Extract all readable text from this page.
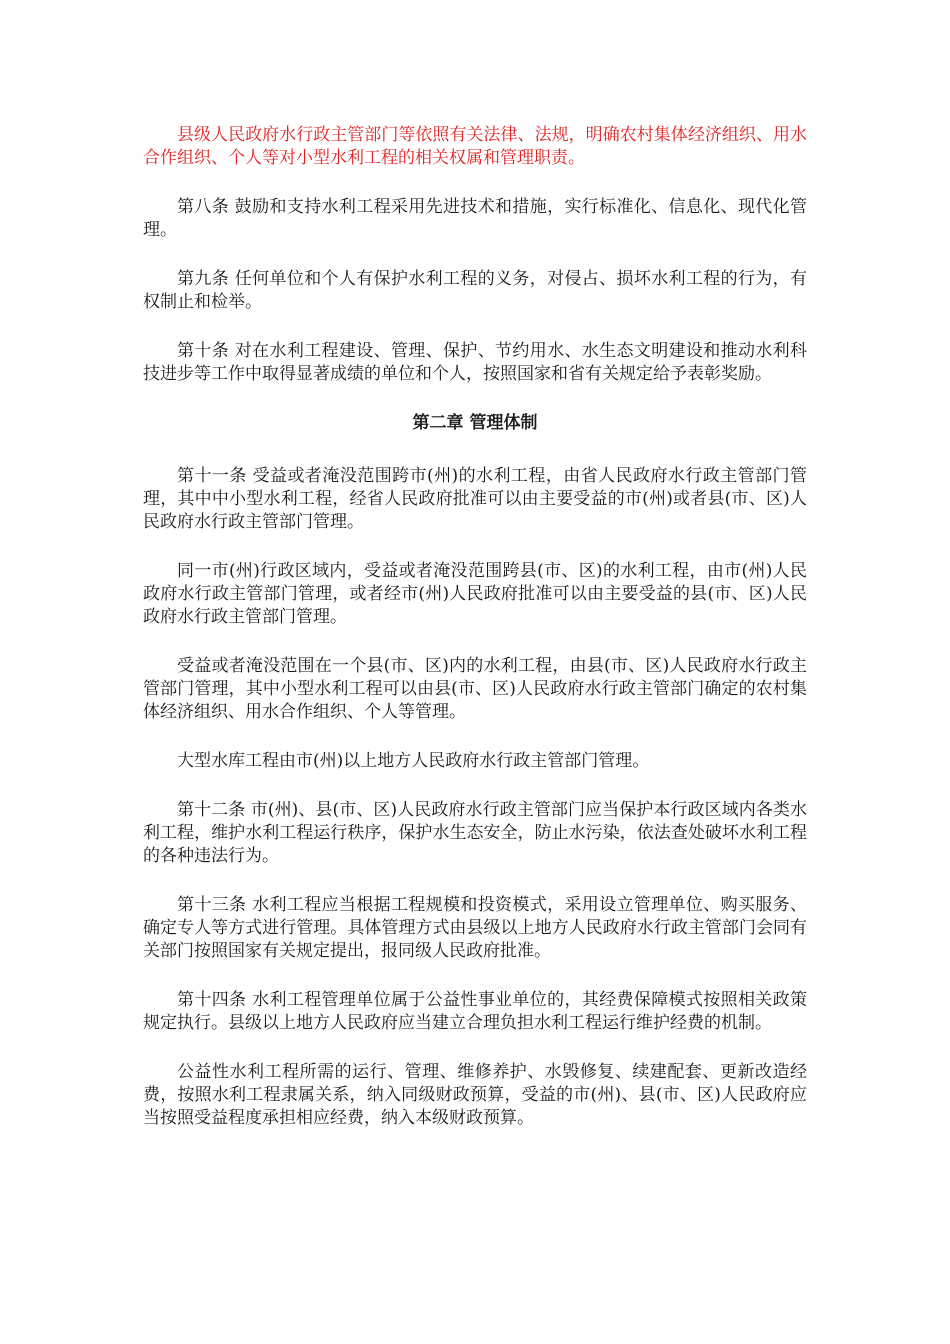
县级人民政府水行政主管部门等依照有关法律、法规，明确农村集体经济组织、用水合作组织、个人等对小型水利工程的相关权属和管理职责。

第八条 鼓励和支持水利工程采用先进技术和措施，实行标准化、信息化、现代化管理。

第九条 任何单位和个人有保护水利工程的义务，对侵占、损坏水利工程的行为，有权制止和检举。

第十条 对在水利工程建设、管理、保护、节约用水、水生态文明建设和推动水利科技进步等工作中取得显著成绩的单位和个人，按照国家和省有关规定给予表彰奖励。

第二章 管理体制

第十一条 受益或者淹没范围跨市(州)的水利工程，由省人民政府水行政主管部门管理，其中中小型水利工程，经省人民政府批准可以由主要受益的市(州)或者县(市、区)人民政府水行政主管部门管理。

同一市(州)行政区域内，受益或者淹没范围跨县(市、区)的水利工程，由市(州)人民政府水行政主管部门管理，或者经市(州)人民政府批准可以由主要受益的县(市、区)人民政府水行政主管部门管理。

受益或者淹没范围在一个县(市、区)内的水利工程，由县(市、区)人民政府水行政主管部门管理，其中小型水利工程可以由县(市、区)人民政府水行政主管部门确定的农村集体经济组织、用水合作组织、个人等管理。

大型水库工程由市(州)以上地方人民政府水行政主管部门管理。

第十二条 市(州)、县(市、区)人民政府水行政主管部门应当保护本行政区域内各类水利工程，维护水利工程运行秩序，保护水生态安全，防止水污染，依法查处破坏水利工程的各种违法行为。

第十三条 水利工程应当根据工程规模和投资模式，采用设立管理单位、购买服务、确定专人等方式进行管理。具体管理方式由县级以上地方人民政府水行政主管部门会同有关部门按照国家有关规定提出，报同级人民政府批准。

第十四条 水利工程管理单位属于公益性事业单位的，其经费保障模式按照相关政策规定执行。县级以上地方人民政府应当建立合理负担水利工程运行维护经费的机制。

公益性水利工程所需的运行、管理、维修养护、水毁修复、续建配套、更新改造经费，按照水利工程隶属关系，纳入同级财政预算，受益的市(州)、县(市、区)人民政府应当按照受益程度承担相应经费，纳入本级财政预算。
